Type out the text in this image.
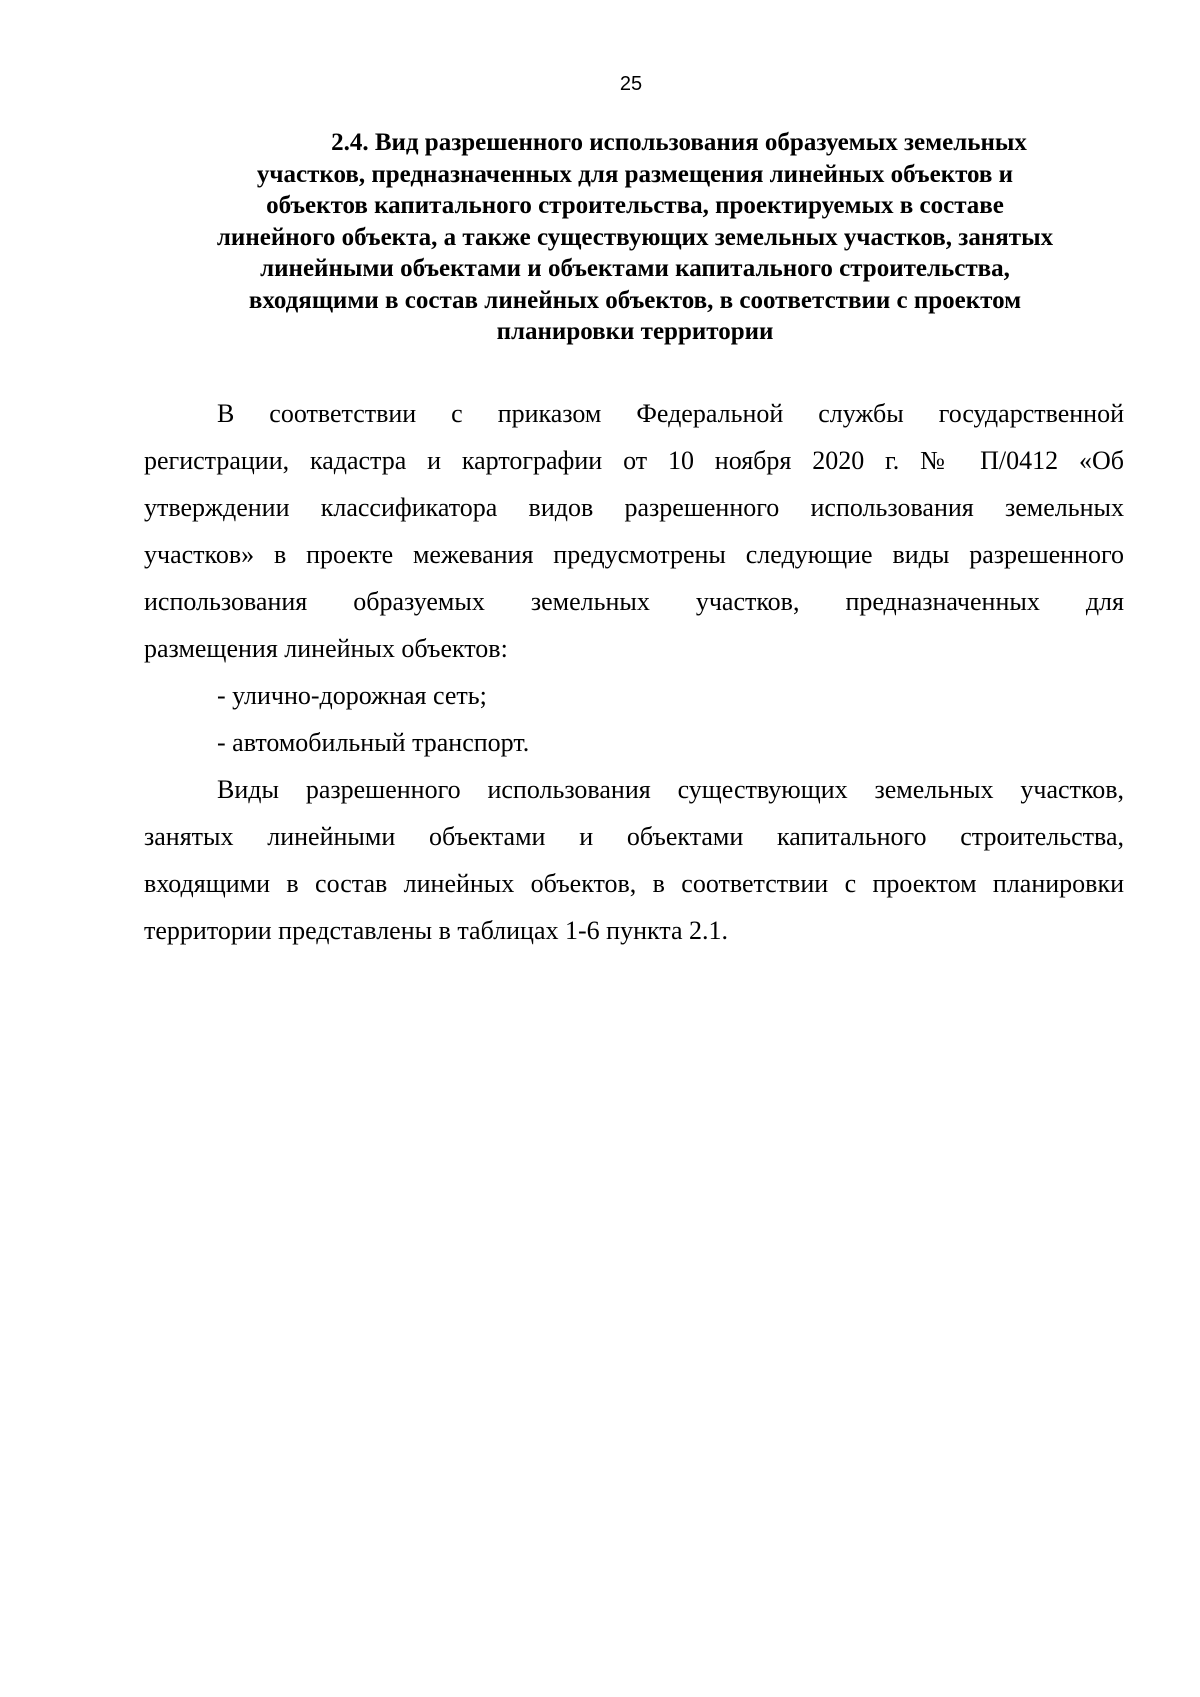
25
2.4. Вид разрешенного использования образуемых земельных
участков, предназначенных для размещения линейных объектов и
объектов капитального строительства, проектируемых в составе
линейного объекта, а также существующих земельных участков, занятых
линейными объектами и объектами капитального строительства,
входящими в состав линейных объектов, в соответствии с проектом
планировки территории
В соответствии с приказом Федеральной службы государственной
регистрации, кадастра и картографии от 10 ноября 2020 г. № П/0412 «Об
утверждении классификатора видов разрешенного использования земельных
участков» в проекте межевания предусмотрены следующие виды разрешенного
использования образуемых земельных участков, предназначенных для
размещения линейных объектов:
- улично-дорожная сеть;
- автомобильный транспорт.
Виды разрешенного использования существующих земельных участков,
занятых линейными объектами и объектами капитального строительства,
входящими в состав линейных объектов, в соответствии с проектом планировки
территории представлены в таблицах 1-6 пункта 2.1.
